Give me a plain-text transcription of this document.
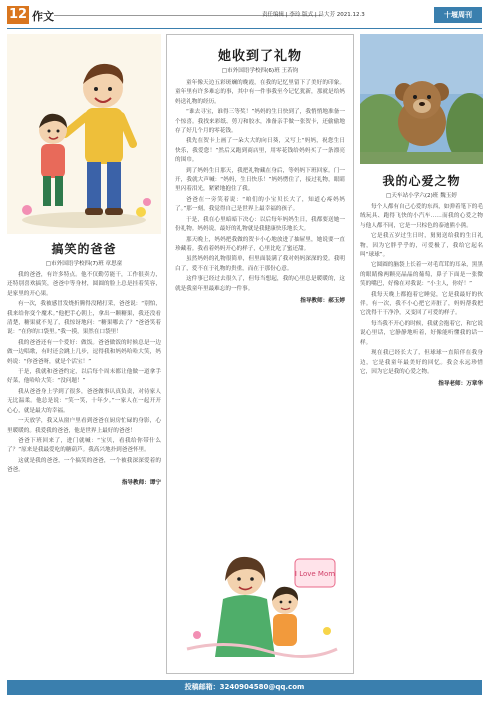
12 作文	责任编辑 | 李玲 版式 | 吕大芳 2021.12.3	十堰周刊
搞笑的爸爸
□市外国语学校四(7)班 章思童

我的爸爸，有许多特点。他不仅勤劳能干，工作很卖力，还特别喜欢搞笑，爸爸中等身材，圆圆的脸上总是挂着笑容，是家里的开心果。

有一次，我被感冒发烧折腾得没精打采，爸爸说：“别怕，我来给你变个魔术。”他把手心朝上，拿出一颗糖果，我还没看清楚，糖果就不见了，我惊讶地问：“糖果哪去了？”爸爸笑着说：“在你的口袋里。”我一摸，果然在口袋里！

我的爸爸还有一个爱好：做饭。爸爸做饭的时候总是一边做一边唱歌，有时还会跳上几步，逗得我和妈妈哈哈大笑，妈妈说：“你爸爸呀，就是个活宝！”

于是，我就和爸爸约定，以后每个周末都让他做一道拿手好菜，他哈哈大笑：“没问题！”

我从爸爸身上学到了很多，爸爸做事认真负责，对待家人无比温柔。他总是说：“笑一笑，十年少。”一家人在一起开开心心，就是最大的幸福。

一天放学，我又从窗户里看到爸爸在厨房忙碌的身影，心里暖暖的。我爱我的爸爸，他是世界上最好的爸爸！

爸爸下班回来了，进门就喊：“宝贝，看我给你带什么了？”原来是我最爱吃的糖葫芦。我高兴地扑到爸爸怀里。

这就是我的爸爸，一个搞笑的爸爸，一个被我深深爱着的爸爸。

指导教师：谭宁
她收到了礼物
□市外国语学校四(6)班 王若钧

童年像天边五彩斑斓的晚霞，在我的记忆里留下了美好的印象。童年里有许多难忘的事，其中有一件事我至今记忆犹新，那就是给妈妈送礼物的经历。

“谁去寻宝，谁得三等奖！”妈妈的生日快到了，我悄悄地准备一个惊喜。我找来彩纸、剪刀和胶水，准备亲手做一张贺卡，还偷偷地存了好几个月的零花钱。

我先在贺卡上画了一朵大大的向日葵，又写上“妈妈，祝您生日快乐，我爱您！”然后又跑到商店里，用零花钱给妈妈买了一条漂亮的围巾。

到了妈妈生日那天，我把礼物藏在身后，等妈妈下班回家。门一开，我就大声喊：“妈妈，生日快乐！”妈妈愣住了，接过礼物，眼睛里闪着泪光，紧紧地抱住了我。

爸爸在一旁笑着说：“咱们的小宝贝长大了，知道心疼妈妈了。”那一刻，我觉得自己是世界上最幸福的孩子。

于是，我在心里暗暗下决心：以后每年妈妈生日，我都要送她一份礼物。妈妈说，最好的礼物就是我健康快乐地长大。

那天晚上，妈妈把我做的贺卡小心地放进了抽屉里，她说要一直珍藏着。我看着妈妈开心的样子，心里比吃了蜜还甜。

虽然妈妈的礼物很简单，但里面装满了我对妈妈深深的爱。我明白了，爱不在于礼物的贵重，而在于那份心意。

这件事已经过去很久了，但每当想起，我的心里总是暖暖的，这就是我童年里最难忘的一件事。

指导教师：郝玉婷
I Love Mom
我的心爱之物
□天车站小学六(2)班 魏玉婷

每个人都有自己心爱的东西，如弹着笔下的毛绒玩具、跑得飞快的小汽车……而我的心爱之物与他人都不同，它是一只棕色的泰迪熊小熊。

它是我五岁过生日时，舅舅送给我的生日礼物，因为它胖乎乎的，可爱极了，我给它起名叫“球球”。

它圆圆的脑袋上长着一对毛茸茸的耳朵，黑黑的眼睛像两颗亮晶晶的葡萄，鼻子下面是一张微笑的嘴巴，好像在对我说：“小主人，你好！”

我每天晚上都抱着它睡觉，它是我最好的伙伴。有一次，我不小心把它弄脏了，妈妈帮我把它洗得干干净净，又变回了可爱的样子。

每当我不开心的时候，我就会抱着它，和它说说心里话，它静静地听着，好像能听懂我的话一样。

现在我已经长大了，但球球一直陪伴在我身边，它是我童年最美好的回忆。我会永远珍惜它，因为它是我的心爱之物。

指导老师：万章华
投稿邮箱：3240904580@qq.com
